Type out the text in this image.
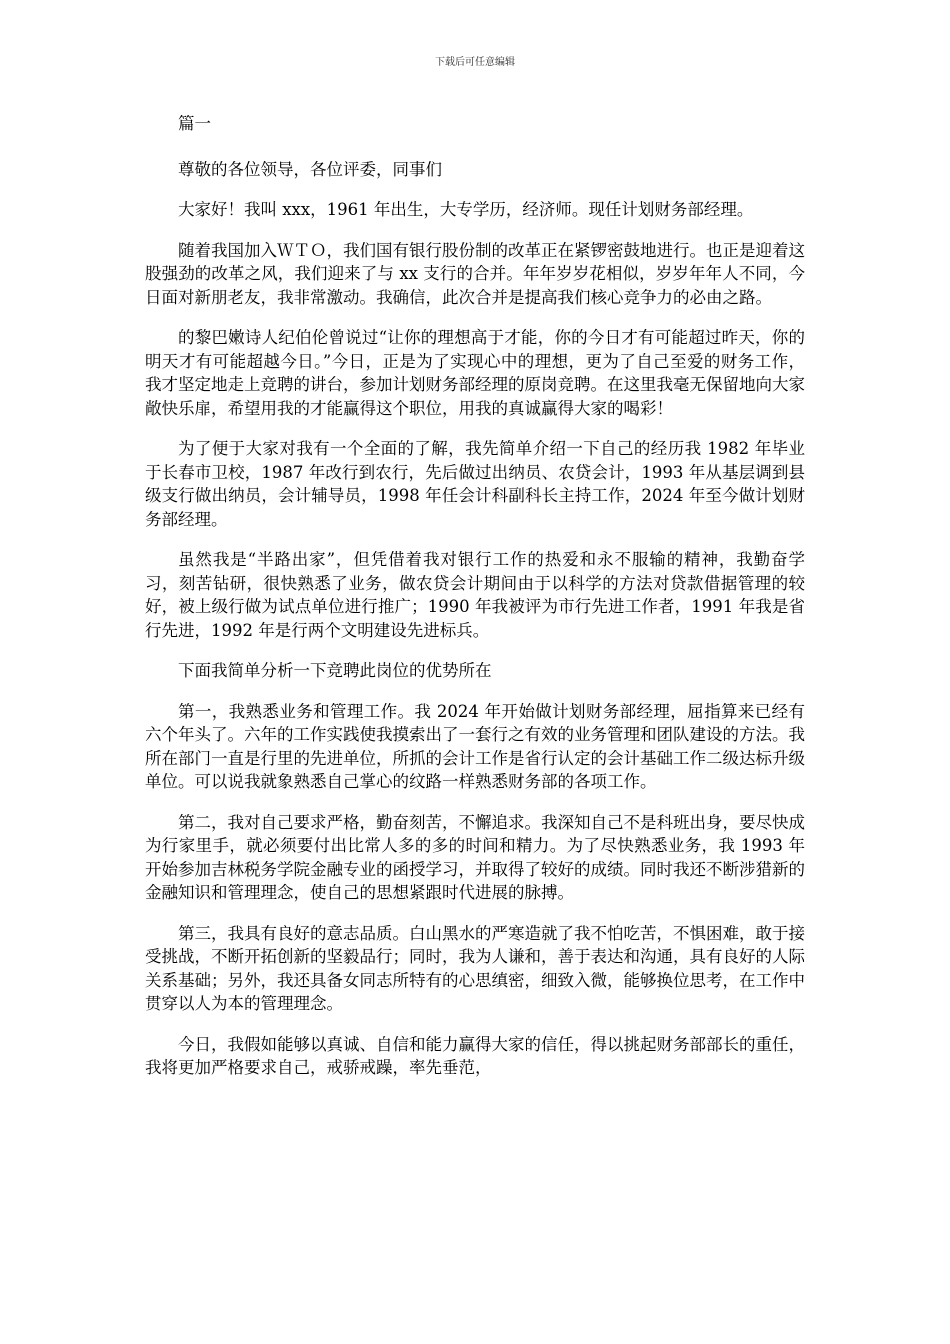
下载后可任意编辑

篇一

尊敬的各位领导，各位评委，同事们

大家好！我叫 xxx，1961 年出生，大专学历，经济师。现任计划财务部经理。

随着我国加入ＷＴＯ，我们国有银行股份制的改革正在紧锣密鼓地进行。也正是迎着这股强劲的改革之风，我们迎来了与 xx 支行的合并。年年岁岁花相似，岁岁年年人不同，今日面对新朋老友，我非常激动。我确信，此次合并是提高我们核心竞争力的必由之路。

的黎巴嫩诗人纪伯伦曾说过“让你的理想高于才能，你的今日才有可能超过昨天，你的明天才有可能超越今日。”今日，正是为了实现心中的理想，更为了自己至爱的财务工作，我才坚定地走上竞聘的讲台，参加计划财务部经理的原岗竞聘。在这里我毫无保留地向大家敞快乐扉，希望用我的才能赢得这个职位，用我的真诚赢得大家的喝彩！

为了便于大家对我有一个全面的了解，我先简单介绍一下自己的经历我 1982 年毕业于长春市卫校，1987 年改行到农行，先后做过出纳员、农贷会计，1993 年从基层调到县级支行做出纳员，会计辅导员，1998 年任会计科副科长主持工作，2024 年至今做计划财务部经理。

虽然我是“半路出家”，但凭借着我对银行工作的热爱和永不服输的精神，我勤奋学习，刻苦钻研，很快熟悉了业务，做农贷会计期间由于以科学的方法对贷款借据管理的较好，被上级行做为试点单位进行推广；1990 年我被评为市行先进工作者，1991 年我是省行先进，1992 年是行两个文明建设先进标兵。

下面我简单分析一下竞聘此岗位的优势所在

第一，我熟悉业务和管理工作。我 2024 年开始做计划财务部经理，屈指算来已经有六个年头了。六年的工作实践使我摸索出了一套行之有效的业务管理和团队建设的方法。我所在部门一直是行里的先进单位，所抓的会计工作是省行认定的会计基础工作二级达标升级单位。可以说我就象熟悉自己掌心的纹路一样熟悉财务部的各项工作。

第二，我对自己要求严格，勤奋刻苦，不懈追求。我深知自己不是科班出身，要尽快成为行家里手，就必须要付出比常人多的多的时间和精力。为了尽快熟悉业务，我 1993 年开始参加吉林税务学院金融专业的函授学习，并取得了较好的成绩。同时我还不断涉猎新的金融知识和管理理念，使自己的思想紧跟时代进展的脉搏。

第三，我具有良好的意志品质。白山黑水的严寒造就了我不怕吃苦，不惧困难，敢于接受挑战，不断开拓创新的坚毅品行；同时，我为人谦和，善于表达和沟通，具有良好的人际关系基础；另外，我还具备女同志所特有的心思缜密，细致入微，能够换位思考，在工作中贯穿以人为本的管理理念。

今日，我假如能够以真诚、自信和能力赢得大家的信任，得以挑起财务部部长的重任，我将更加严格要求自己，戒骄戒躁，率先垂范，
